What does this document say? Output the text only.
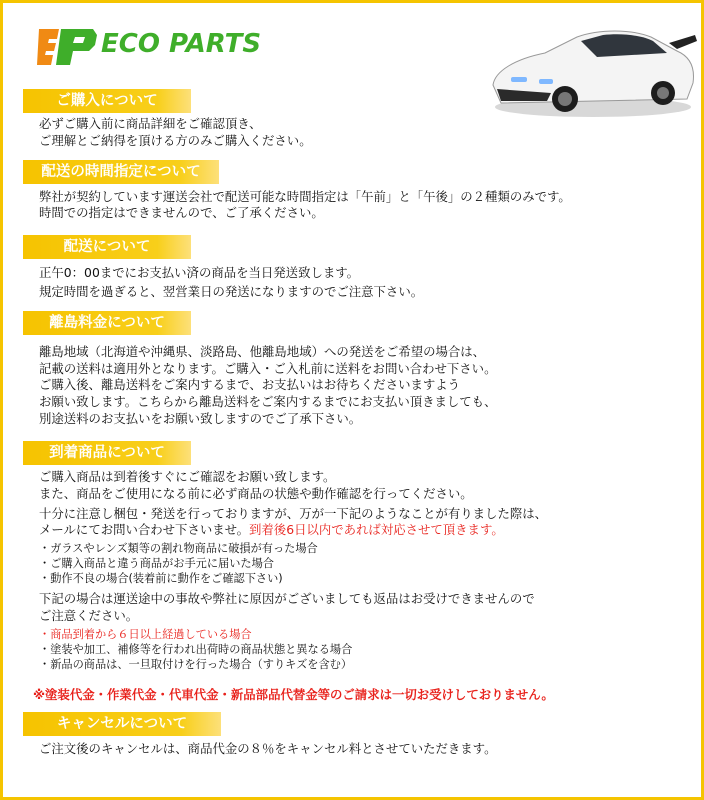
ECO PARTS
ご購入について
必ずご購入前に商品詳細をご確認頂き、
ご理解とご納得を頂ける方のみご購入ください。
配送の時間指定について
弊社が契約しています運送会社で配送可能な時間指定は「午前」と「午後」の２種類のみです。
時間での指定はできませんので、ご了承ください。
配送について
正午0：00までにお支払い済の商品を当日発送致します。
規定時間を過ぎると、翌営業日の発送になりますのでご注意下さい。
離島料金について
離島地域（北海道や沖縄県、淡路島、他離島地域）への発送をご希望の場合は、
記載の送料は適用外となります。ご購入・ご入札前に送料をお問い合わせ下さい。
ご購入後、離島送料をご案内するまで、お支払いはお待ちくださいますよう
お願い致します。こちらから離島送料をご案内するまでにお支払い頂きましても、
別途送料のお支払いをお願い致しますのでご了承下さい。
到着商品について
ご購入商品は到着後すぐにご確認をお願い致します。
また、商品をご使用になる前に必ず商品の状態や動作確認を行ってください。
十分に注意し梱包・発送を行っておりますが、万が一下記のようなことが有りました際は、
メールにてお問い合わせ下さいませ。到着後6日以内であれば対応させて頂きます。
・ガラスやレンズ類等の割れ物商品に破損が有った場合
・ご購入商品と違う商品がお手元に届いた場合
・動作不良の場合(装着前に動作をご確認下さい)
下記の場合は運送途中の事故や弊社に原因がございましても返品はお受けできませんので
ご注意ください。
・商品到着から６日以上経過している場合
・塗装や加工、補修等を行われ出荷時の商品状態と異なる場合
・新品の商品は、一旦取付けを行った場合（すりキズを含む）
※塗装代金・作業代金・代車代金・新品部品代替金等のご請求は一切お受けしておりません。
キャンセルについて
ご注文後のキャンセルは、商品代金の８％をキャンセル料とさせていただきます。
